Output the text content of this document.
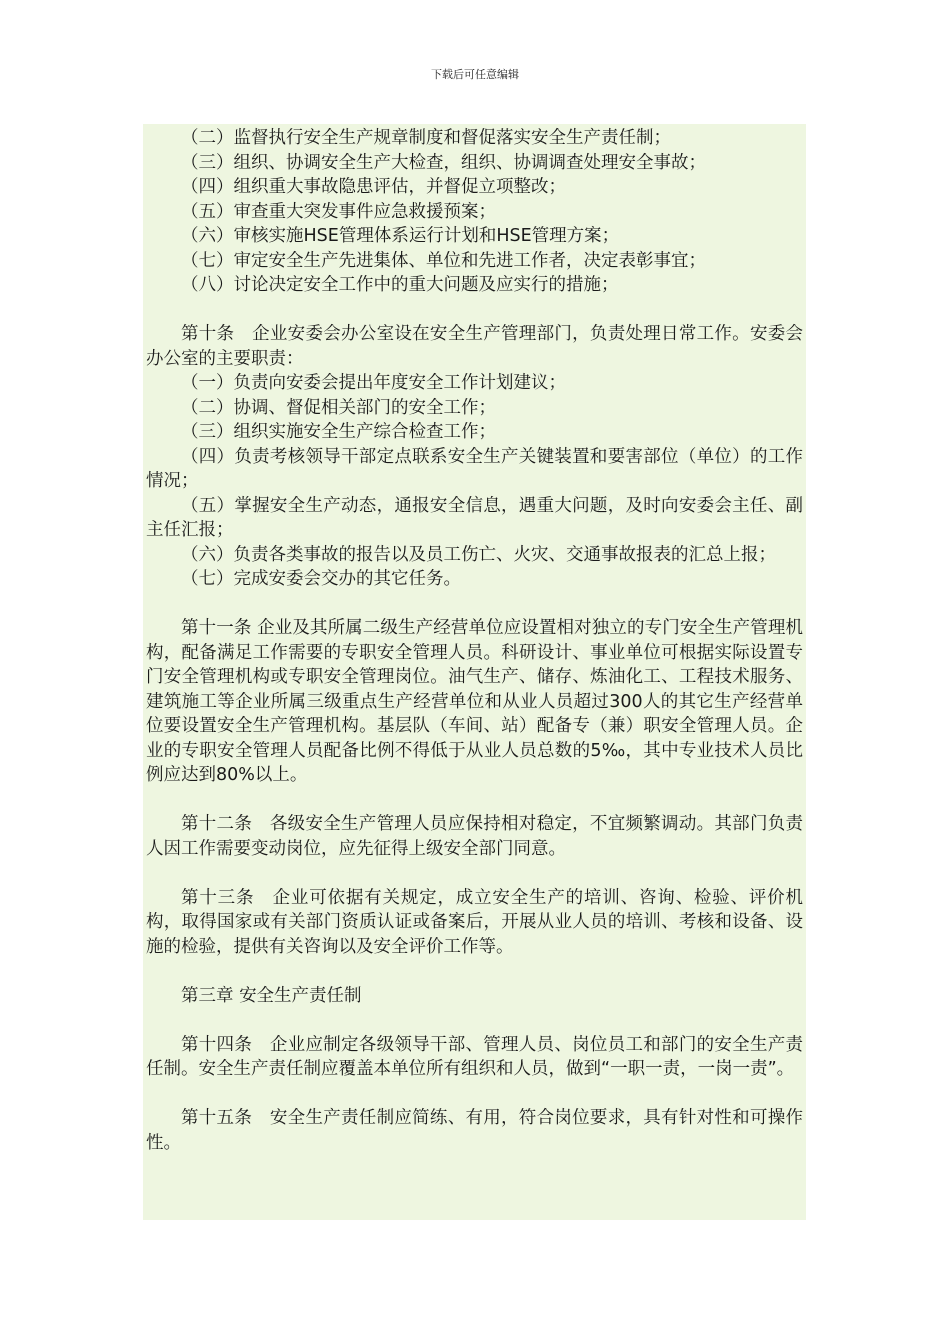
下载后可任意编辑
（二）监督执行安全生产规章制度和督促落实安全生产责任制；
（三）组织、协调安全生产大检查，组织、协调调查处理安全事故；
（四）组织重大事故隐患评估，并督促立项整改；
（五）审查重大突发事件应急救援预案；
（六）审核实施HSE管理体系运行计划和HSE管理方案；
（七）审定安全生产先进集体、单位和先进工作者，决定表彰事宜；
（八）讨论决定安全工作中的重大问题及应实行的措施；
第十条　企业安委会办公室设在安全生产管理部门，负责处理日常工作。安委会办公室的主要职责：
（一）负责向安委会提出年度安全工作计划建议；
（二）协调、督促相关部门的安全工作；
（三）组织实施安全生产综合检查工作；
（四）负责考核领导干部定点联系安全生产关键装置和要害部位（单位）的工作情况；
（五）掌握安全生产动态，通报安全信息，遇重大问题，及时向安委会主任、副主任汇报；
（六）负责各类事故的报告以及员工伤亡、火灾、交通事故报表的汇总上报；
（七）完成安委会交办的其它任务。
第十一条 企业及其所属二级生产经营单位应设置相对独立的专门安全生产管理机构，配备满足工作需要的专职安全管理人员。科研设计、事业单位可根据实际设置专门安全管理机构或专职安全管理岗位。油气生产、储存、炼油化工、工程技术服务、建筑施工等企业所属三级重点生产经营单位和从业人员超过300人的其它生产经营单位要设置安全生产管理机构。基层队（车间、站）配备专（兼）职安全管理人员。企业的专职安全管理人员配备比例不得低于从业人员总数的5‰，其中专业技术人员比例应达到80%以上。
第十二条　各级安全生产管理人员应保持相对稳定，不宜频繁调动。其部门负责人因工作需要变动岗位，应先征得上级安全部门同意。
第十三条　企业可依据有关规定，成立安全生产的培训、咨询、检验、评价机构，取得国家或有关部门资质认证或备案后，开展从业人员的培训、考核和设备、设施的检验，提供有关咨询以及安全评价工作等。
第三章 安全生产责任制
第十四条　企业应制定各级领导干部、管理人员、岗位员工和部门的安全生产责任制。安全生产责任制应覆盖本单位所有组织和人员，做到“一职一责，一岗一责”。
第十五条　安全生产责任制应简练、有用，符合岗位要求，具有针对性和可操作性。
